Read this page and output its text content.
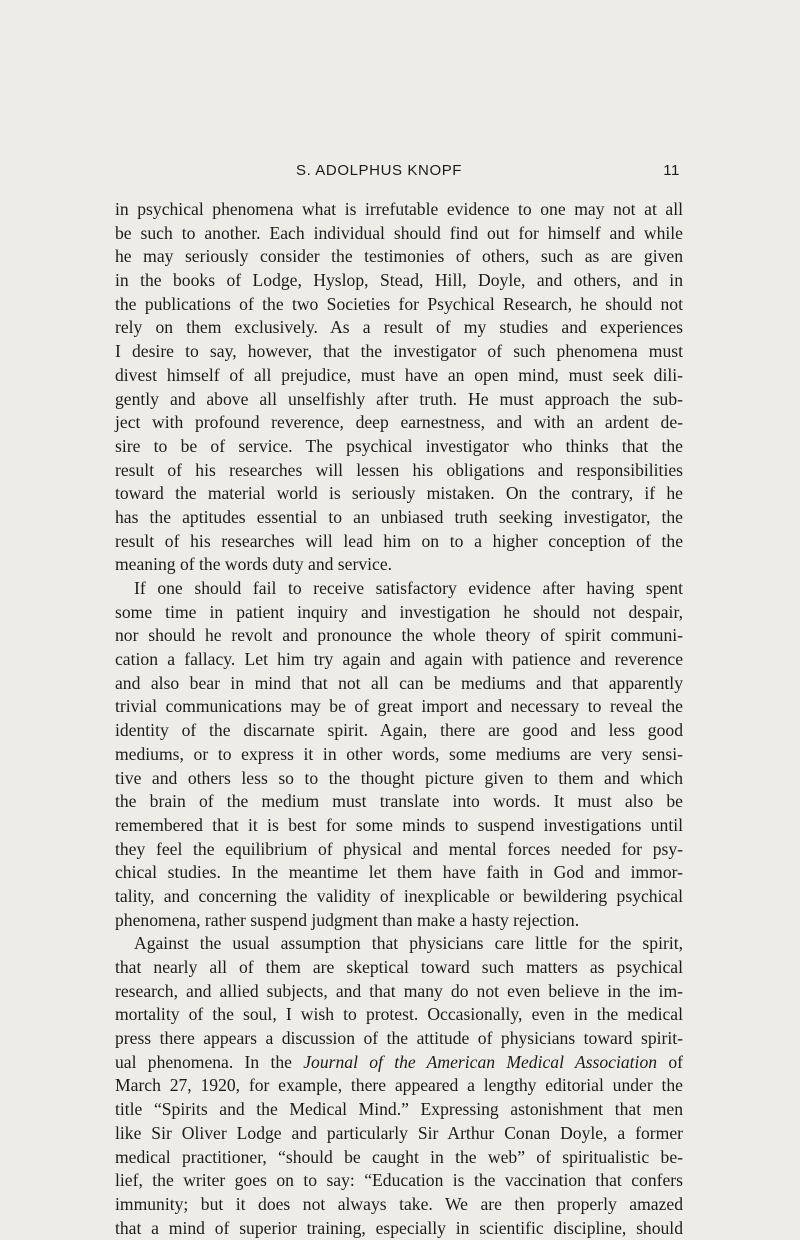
S. ADOLPHUS KNOPF	11
in psychical phenomena what is irrefutable evidence to one may not at all
be such to another. Each individual should find out for himself and while
he may seriously consider the testimonies of others, such as are given
in the books of Lodge, Hyslop, Stead, Hill, Doyle, and others, and in
the publications of the two Societies for Psychical Research, he should not
rely on them exclusively. As a result of my studies and experiences
I desire to say, however, that the investigator of such phenomena must
divest himself of all prejudice, must have an open mind, must seek dili-
gently and above all unselfishly after truth. He must approach the sub-
ject with profound reverence, deep earnestness, and with an ardent de-
sire to be of service. The psychical investigator who thinks that the
result of his researches will lessen his obligations and responsibilities
toward the material world is seriously mistaken. On the contrary, if he
has the aptitudes essential to an unbiased truth seeking investigator, the
result of his researches will lead him on to a higher conception of the
meaning of the words duty and service.
If one should fail to receive satisfactory evidence after having spent
some time in patient inquiry and investigation he should not despair,
nor should he revolt and pronounce the whole theory of spirit communi-
cation a fallacy. Let him try again and again with patience and reverence
and also bear in mind that not all can be mediums and that apparently
trivial communications may be of great import and necessary to reveal the
identity of the discarnate spirit. Again, there are good and less good
mediums, or to express it in other words, some mediums are very sensi-
tive and others less so to the thought picture given to them and which
the brain of the medium must translate into words. It must also be
remembered that it is best for some minds to suspend investigations until
they feel the equilibrium of physical and mental forces needed for psy-
chical studies. In the meantime let them have faith in God and immor-
tality, and concerning the validity of inexplicable or bewildering psychical
phenomena, rather suspend judgment than make a hasty rejection.
Against the usual assumption that physicians care little for the spirit,
that nearly all of them are skeptical toward such matters as psychical
research, and allied subjects, and that many do not even believe in the im-
mortality of the soul, I wish to protest. Occasionally, even in the medical
press there appears a discussion of the attitude of physicians toward spirit-
ual phenomena. In the Journal of the American Medical Association of
March 27, 1920, for example, there appeared a lengthy editorial under the
title “Spirits and the Medical Mind.” Expressing astonishment that men
like Sir Oliver Lodge and particularly Sir Arthur Conan Doyle, a former
medical practitioner, “should be caught in the web” of spiritualistic be-
lief, the writer goes on to say: “Education is the vaccination that confers
immunity; but it does not always take. We are then properly amazed
that a mind of superior training, especially in scientific discipline, should
